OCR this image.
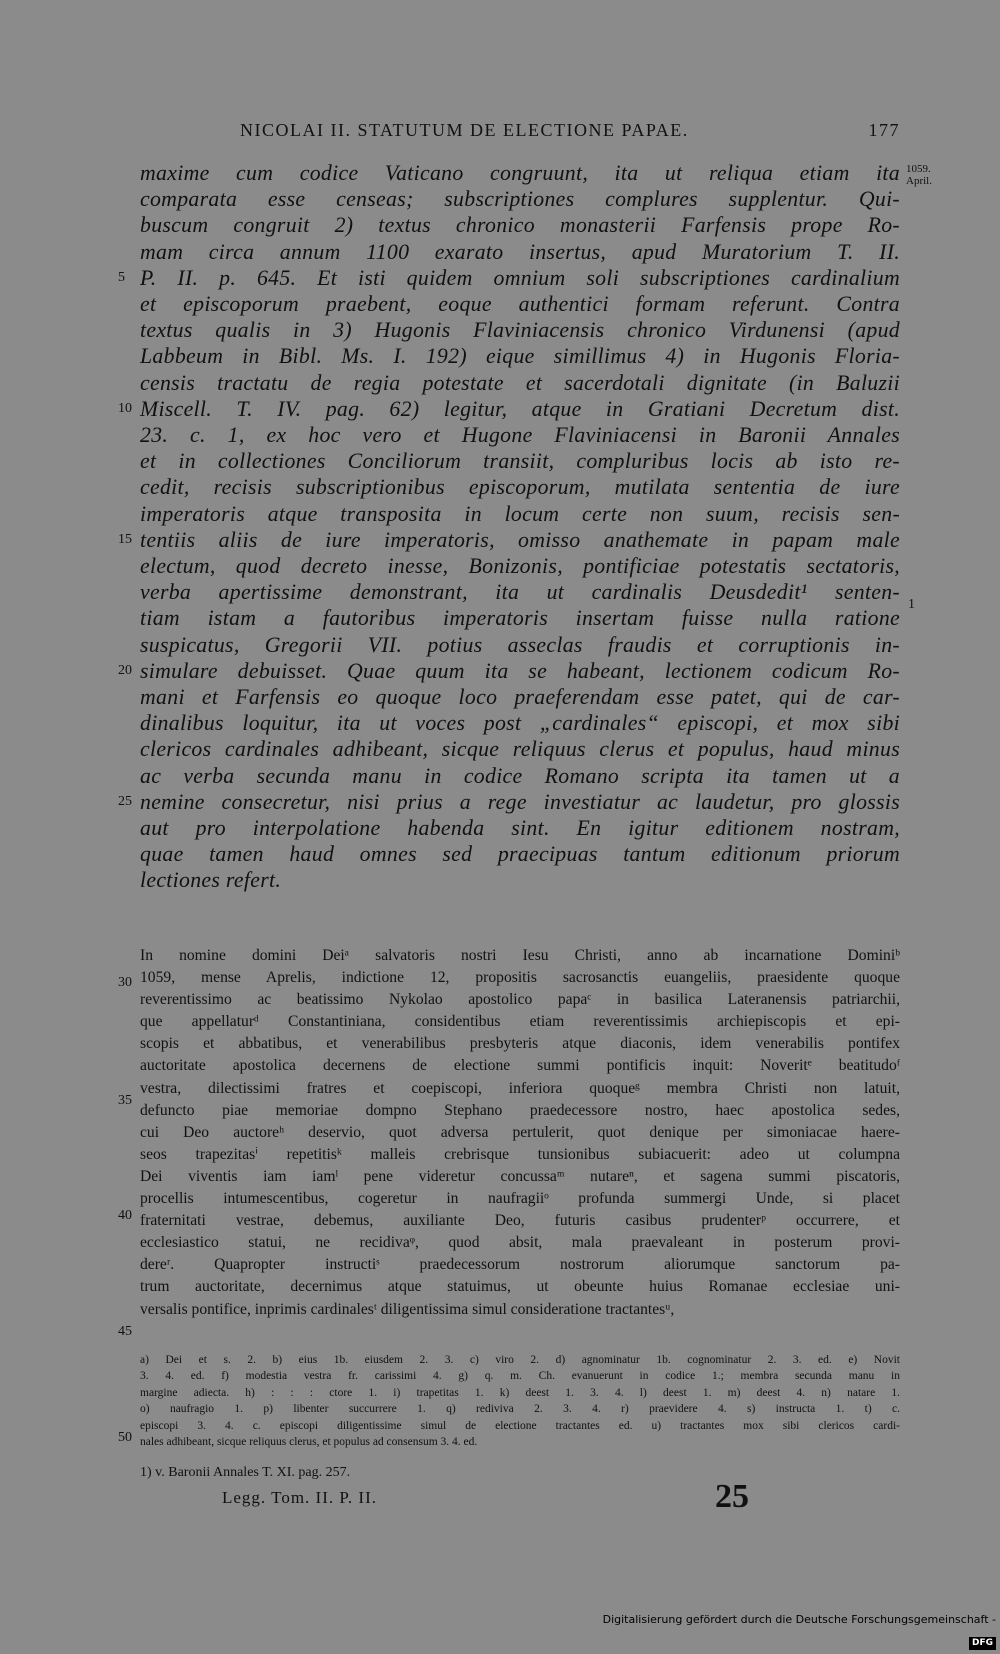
NICOLAI II. STATUTUM DE ELECTIONE PAPAE.	177
1059.
April.
1
5
10
15
20
25
30
35
40
45
50
maxime cum codice Vaticano congruunt, ita ut reliqua etiam ita
comparata esse censeas; subscriptiones complures supplentur. Qui-
buscum congruit 2) textus chronico monasterii Farfensis prope Ro-
mam circa annum 1100 exarato insertus, apud Muratorium T. II.
P. II. p. 645. Et isti quidem omnium soli subscriptiones cardinalium
et episcoporum praebent, eoque authentici formam referunt. Contra
textus qualis in 3) Hugonis Flaviniacensis chronico Virdunensi (apud
Labbeum in Bibl. Ms. I. 192) eique simillimus 4) in Hugonis Floria-
censis tractatu de regia potestate et sacerdotali dignitate (in Baluzii
Miscell. T. IV. pag. 62) legitur, atque in Gratiani Decretum dist.
23. c. 1, ex hoc vero et Hugone Flaviniacensi in Baronii Annales
et in collectiones Conciliorum transiit, compluribus locis ab isto re-
cedit, recisis subscriptionibus episcoporum, mutilata sententia de iure
imperatoris atque transposita in locum certe non suum, recisis sen-
tentiis aliis de iure imperatoris, omisso anathemate in papam male
electum, quod decreto inesse, Bonizonis, pontificiae potestatis sectatoris,
verba apertissime demonstrant, ita ut cardinalis Deusdedit¹ senten-
tiam istam a fautoribus imperatoris insertam fuisse nulla ratione
suspicatus, Gregorii VII. potius asseclas fraudis et corruptionis in-
simulare debuisset. Quae quum ita se habeant, lectionem codicum Ro-
mani et Farfensis eo quoque loco praeferendam esse patet, qui de car-
dinalibus loquitur, ita ut voces post „cardinales“ episcopi, et mox sibi
clericos cardinales adhibeant, sicque reliquus clerus et populus, haud minus
ac verba secunda manu in codice Romano scripta ita tamen ut a
nemine consecretur, nisi prius a rege investiatur ac laudetur, pro glossis
aut pro interpolatione habenda sint. En igitur editionem nostram,
quae tamen haud omnes sed praecipuas tantum editionum priorum
lectiones refert.
In nomine domini Deiᵃ salvatoris nostri Iesu Christi, anno ab incarnatione Dominiᵇ
1059, mense Aprelis, indictione 12, propositis sacrosanctis euangeliis, praesidente quoque
reverentissimo ac beatissimo Nykolao apostolico papaᶜ in basilica Lateranensis patriarchii,
que appellaturᵈ Constantiniana, considentibus etiam reverentissimis archiepiscopis et epi-
scopis et abbatibus, et venerabilibus presbyteris atque diaconis, idem venerabilis pontifex
auctoritate apostolica decernens de electione summi pontificis inquit: Noveritᵉ beatitudoᶠ
vestra, dilectissimi fratres et coepiscopi, inferiora quoqueᵍ membra Christi non latuit,
defuncto piae memoriae dompno Stephano praedecessore nostro, haec apostolica sedes,
cui Deo auctoreʰ deservio, quot adversa pertulerit, quot denique per simoniacae haere-
seos trapezitasⁱ repetitisᵏ malleis crebrisque tunsionibus subiacuerit: adeo ut columpna
Dei viventis iam iamˡ pene videretur concussaᵐ nutareⁿ, et sagena summi piscatoris,
procellis intumescentibus, cogeretur in naufragiiᵒ profunda summergi Unde, si placet
fraternitati vestrae, debemus, auxiliante Deo, futuris casibus prudenterᵖ occurrere, et
ecclesiastico statui, ne recidivaᵠ, quod absit, mala praevaleant in posterum provi-
dereʳ. Quapropter instructiˢ praedecessorum nostrorum aliorumque sanctorum pa-
trum auctoritate, decernimus atque statuimus, ut obeunte huius Romanae ecclesiae uni-
versalis pontifice, inprimis cardinalesᵗ diligentissima simul consideratione tractantesᵘ,
a) Dei et s. 2. b) eius 1b. eiusdem 2. 3. c) viro 2. d) agnominatur 1b. cognominatur 2. 3. ed. e) Novit
3. 4. ed. f) modestia vestra fr. carissimi 4. g) q. m. Ch. evanuerunt in codice 1.; membra secunda manu in
margine adiecta. h) : : : ctore 1. i) trapetitas 1. k) deest 1. 3. 4. l) deest 1. m) deest 4. n) natare 1.
o) naufragio 1. p) libenter succurrere 1. q) rediviva 2. 3. 4. r) praevidere 4. s) instructa 1. t) c.
episcopi 3. 4. c. episcopi diligentissime simul de electione tractantes ed. u) tractantes mox sibi clericos cardi-
nales adhibeant, sicque reliquus clerus, et populus ad consensum 3. 4. ed.
1) v. Baronii Annales T. XI. pag. 257.
Legg. Tom. II. P. II.	25
Digitalisierung gefördert durch die Deutsche Forschungsgemeinschaft -DFG
